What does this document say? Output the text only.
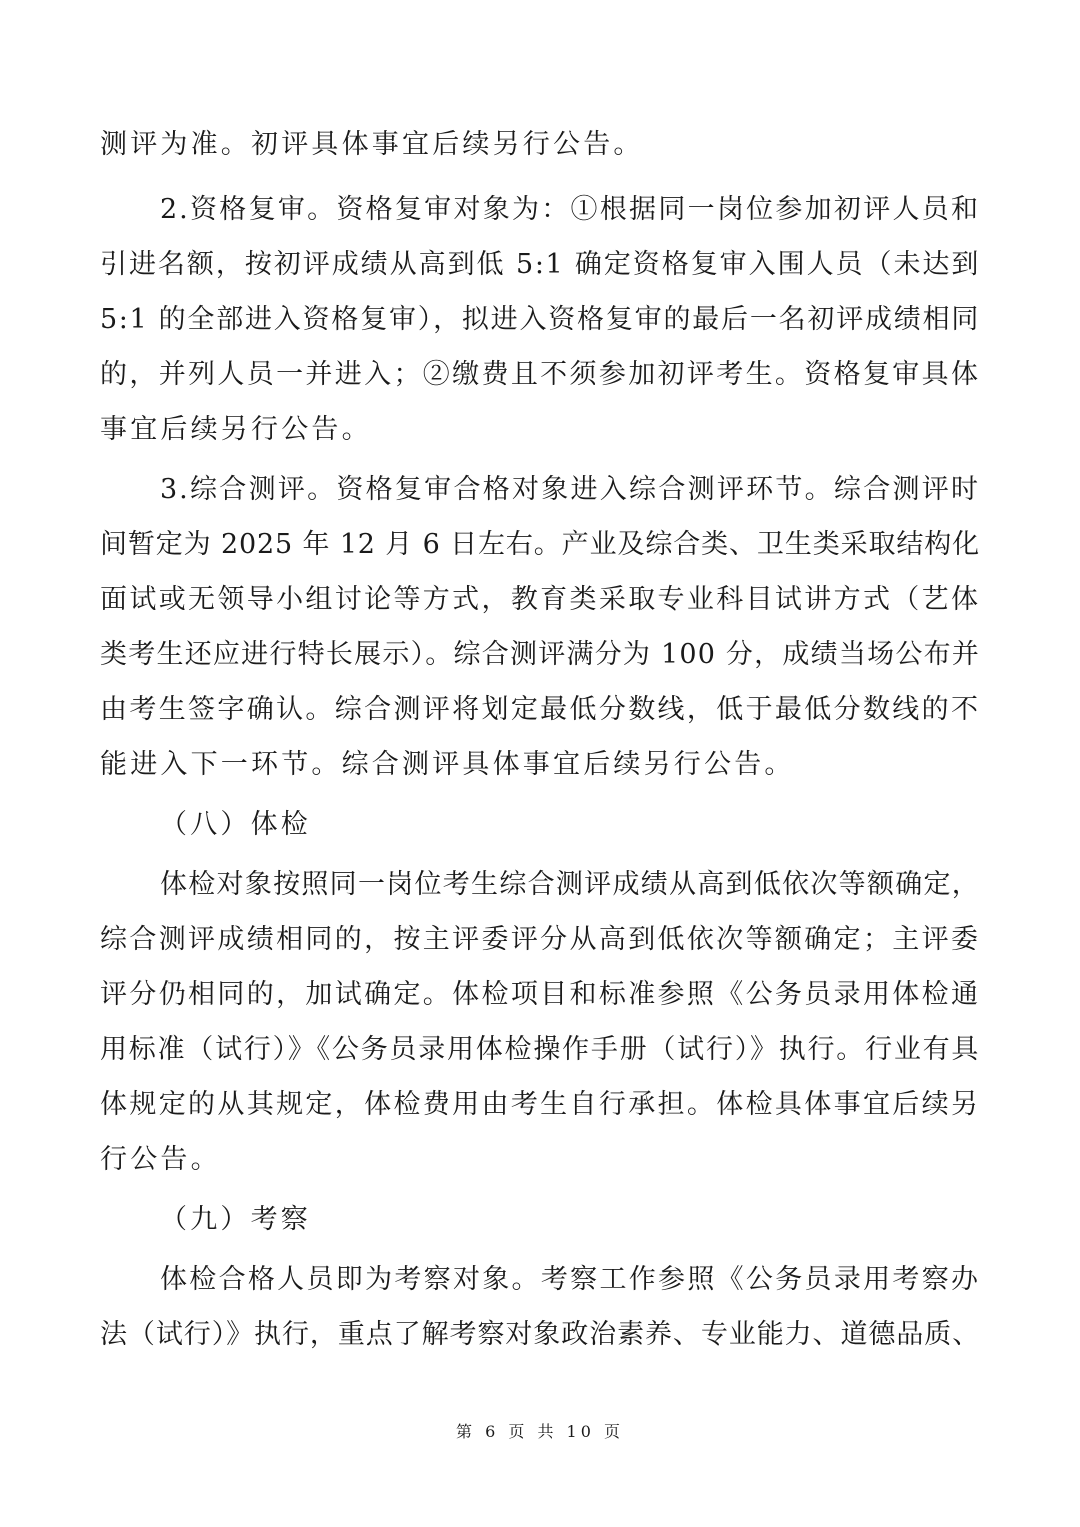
测评为准。初评具体事宜后续另行公告。
2.资格复审。资格复审对象为：①根据同一岗位参加初评人员和
引进名额，按初评成绩从高到低 5:1 确定资格复审入围人员（未达到
5:1 的全部进入资格复审），拟进入资格复审的最后一名初评成绩相同
的，并列人员一并进入；②缴费且不须参加初评考生。资格复审具体
事宜后续另行公告。
3.综合测评。资格复审合格对象进入综合测评环节。综合测评时
间暂定为 2025 年 12 月 6 日左右。产业及综合类、卫生类采取结构化
面试或无领导小组讨论等方式，教育类采取专业科目试讲方式（艺体
类考生还应进行特长展示）。综合测评满分为 100 分，成绩当场公布并
由考生签字确认。综合测评将划定最低分数线，低于最低分数线的不
能进入下一环节。综合测评具体事宜后续另行公告。
（八）体检
体检对象按照同一岗位考生综合测评成绩从高到低依次等额确定，
综合测评成绩相同的，按主评委评分从高到低依次等额确定；主评委
评分仍相同的，加试确定。体检项目和标准参照《公务员录用体检通
用标准（试行）》《公务员录用体检操作手册（试行）》执行。行业有具
体规定的从其规定，体检费用由考生自行承担。体检具体事宜后续另
行公告。
（九）考察
体检合格人员即为考察对象。考察工作参照《公务员录用考察办
法（试行）》执行，重点了解考察对象政治素养、专业能力、道德品质、
第 6 页 共 10 页
